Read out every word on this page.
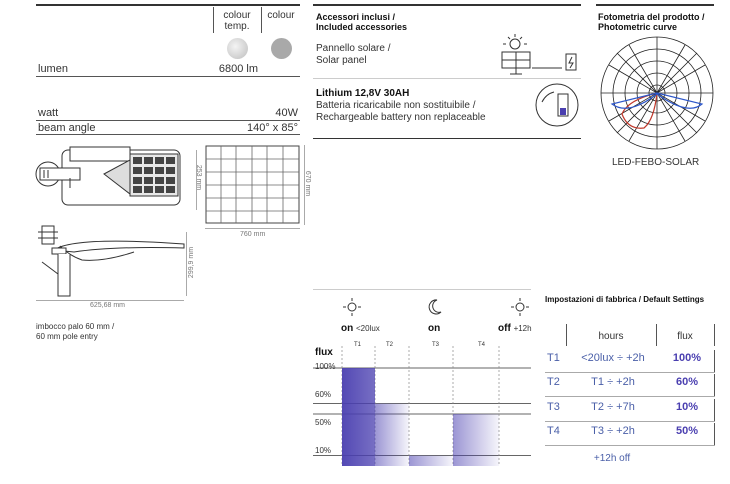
colour temp.
colour
lumen	6800 lm
watt	40W
beam angle	140° x 85°
253 mm
760 mm
670 mm
625,68 mm
299,9 mm
imbocco palo 60 mm /
60 mm pole entry
Accessori inclusi /
Included accessories
Pannello solare /
Solar panel
Lithium 12,8V 30AH
Batteria ricaricabile non sostituibile /
Rechargeable battery non replaceable
Fotometria del prodotto /
Photometric curve
LED-FEBO-SOLAR
on <20lux	on	off +12h
T1	T2	T3	T4
flux
100%
60%
50%
10%
Impostazioni di fabbrica / Default Settings
hours	flux
T1	<20lux ÷ +2h	100%
T2	T1 ÷ +2h	60%
T3	T2 ÷ +7h	10%
T4	T3 ÷ +2h	50%
+12h off
